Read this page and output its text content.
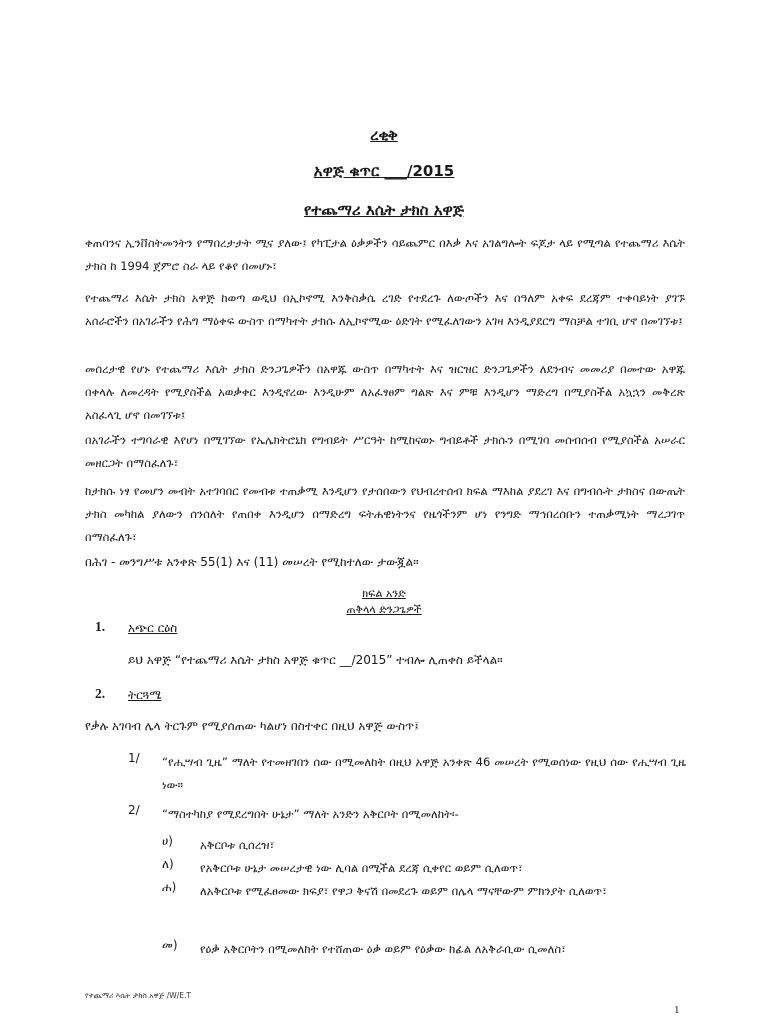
ረቂቅ
አዋጅ ቁጥር ___/2015
የተጨማሪ እሴት ታክስ አዋጅ
ቀጠባንና ኢንቨስትመንትን የማበረታታት ሚና ያለው፤ የካፒታል ዕቃዎችን ሳይጨምር በእቃ እና አገልግሎት ፍጆታ ላይ የሚጣል የተጨማሪ እሴት ታክስ ከ 1994 ጀምሮ ስራ ላይ የቆየ በመሆኑ፣
የተጨማሪ እሴት ታክስ አዋጅ ከወጣ ወዲህ በኢኮኖሚ እንቅስቃሴ ረገድ የተደረጉ ለውጦችን እና በዓለም አቀፍ ደረጃም ተቀባይነት ያገኙ አሰራሮችን በአገራችን የሕግ ማዕቀፍ ውስጥ በማካተት ታክሱ ለኢኮኖሚው ዕድገት የሚፈለገውን አገዛ እንዲያደርግ ማስቻል ተገቢ ሆኖ በመገኘቱ፤
መሰረታዊ የሆኑ የተጨማሪ እሴት ታክስ ድንጋጌዎችን በአዋጁ ውስጥ በማካተት እና ዝርዝር ድንጋጌዎችን ለደንብና መመሪያ በመተው አዋጁ በቀላሉ ለመረዳት የሚያስችል አወቃቀር እንዲኖረው እንዲሁም ለአፈፃፀም ግልጽ እና ምቹ እንዲሆን ማድረግ በሚያስችል አኳኋን መቅረጽ አስፈላጊ ሆኖ በመገኘቱ፤
በአገራችን ተግባራዊ እየሆነ በሚገኘው የኤሌክትሮኒክ የግብይት ሥርዓት ከሚከናወኑ ግብይቶች ታክሱን በሚገባ መሰብሰብ የሚያስችል አሠራር መዘርጋት በማስፈለጉ፣
ከታክሱ ነፃ የመሆን መብት አተገባበር የመብቱ ተጠቃሚ እንዲሆን የታሰበውን የህብረተሰብ ክፍል ማእከል ያደረገ እና በግብሱት ታክስና በውጤት ታክስ መካከል ያለውን ሰንሰለት የጠበቀ እንዲሆን በማድረግ ፍትሐዊነትንና የዜጎችንም ሆነ የንግድ ማኅበረሰቡን ተጠቃሚነት ማረጋገጥ በማስፈለጉ፣
በሕገ - መንግሥቱ አንቀጽ 55(1) እና (11) መሠረት የሚከተለው ታውጇል።
ክፍል አንድ
ጠቅላላ ድንጋጌዎች
1. አጭር ርዕስ
ይህ አዋጅ “የተጨማሪ እሴት ታክስ አዋጅ ቁጥር __/2015” ተብሎ ሊጠቀስ ይችላል።
2. ትርጓሜ
የቃሉ አገባብ ሌላ ትርጉም የሚያሰጠው ካልሆነ በስተቀር በዚህ አዋጅ ውስጥ፤
1/ “የሒሣብ ጊዜ” ማለት የተመዘገበን ሰው በሚመለከት በዚህ አዋጅ አንቀጽ 46 መሠረት የሚወሰነው የዚህ ሰው የሒሣብ ጊዜ ነው።
2/ “ማስተካከያ የሚደረግበት ሁኔታ” ማለት አንድን አቅርቦት በሚመለከት፡-
ሀ) አቅርቦቱ ሲሰረዝ፣
ለ) የአቅርቦቱ ሁኔታ መሠረታዊ ነው ሊባል በሚችል ደረጃ ሲቀየር ወይም ሲለወጥ፣
ሐ) ለአቅርቦቱ የሚፈፀመው ክፍያ፣ የዋጋ ቅናሽ በመደረጉ ወይም በሌላ ማናቸውም ምክንያት ሲለወጥ፣
መ) የዕቃ አቅርቦትን በሚመለከት የተሸጠው ዕቃ ወይም የዕቃው ከፊል ለአቅራቢው ሲመለስ፣
የተጨማሪ እሴት ታክስ አዋጅ /W/E.T
1
